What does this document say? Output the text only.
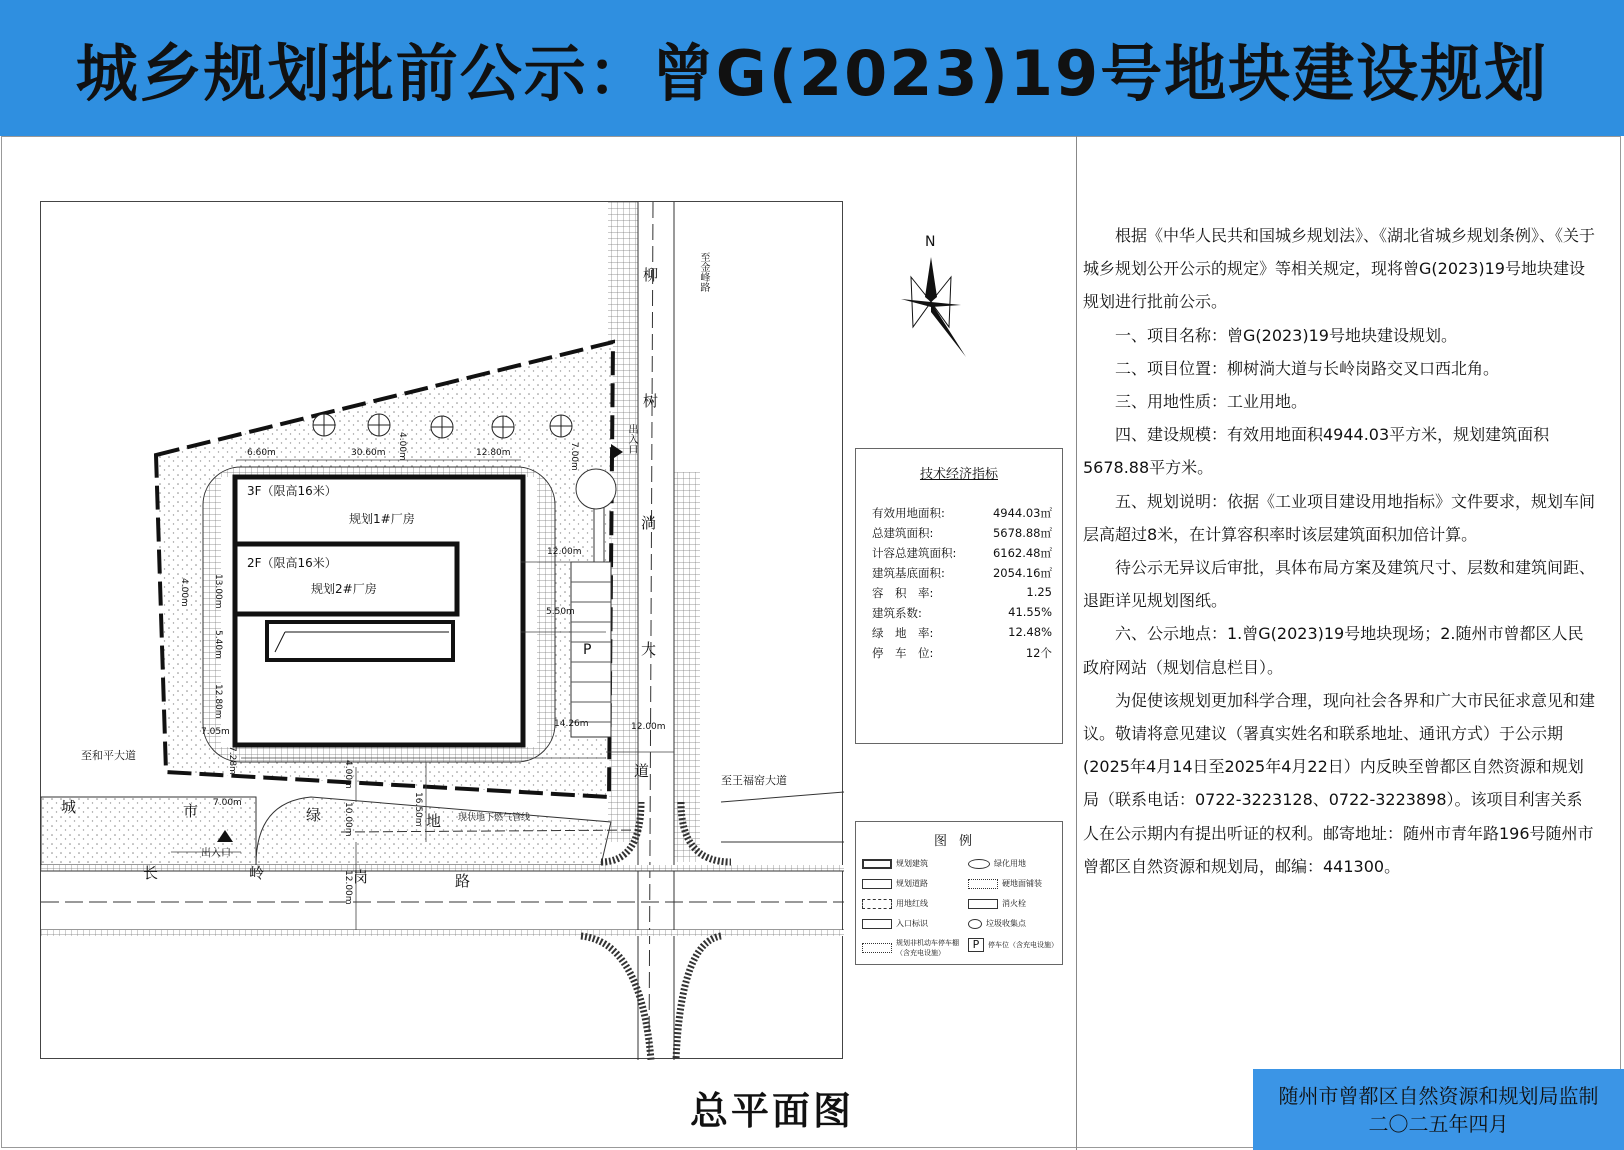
城乡规划批前公示：曾G(2023)19号地块建设规划
N
柳
树
淌
大
道
长	岭	岗	路
城	市	绿	地
至金峰路
至和平大道
至王福窑大道
现状地下燃气管线
出入口
出入口
3F（限高16米）
规划1#厂房
2F（限高16米）
规划2#厂房
P
6.60m	30.60m	12.80m
4.00m	7.00m
12.00m
5.50m
4.00m	13.00m
5.40m
12.80m
7.05m
7.28m
14.26m	12.00m
4.00m
16.50m
10.00m
7.00m
12.00m
技术经济指标
有效用地面积:	4944.03㎡
总建筑面积:	5678.88㎡
计容总建筑面积:	6162.48㎡
建筑基底面积:	2054.16㎡
容　积　率:	1.25
建筑系数:	41.55%
绿　地　率:	12.48%
停　车　位:	12个
图例
规划建筑	绿化用地
规划道路	硬地面铺装
用地红线	消火栓
入口标识	垃圾收集点
规划非机动车停车棚（含充电设施）
P	停车位（含充电设施）
总平面图

根据《中华人民共和国城乡规划法》、《湖北省城乡规划条例》、《关于城乡规划公开公示的规定》等相关规定，现将曾G(2023)19号地块建设规划进行批前公示。

一、项目名称：曾G(2023)19号地块建设规划。

二、项目位置：柳树淌大道与长岭岗路交叉口西北角。

三、用地性质：工业用地。

四、建设规模：有效用地面积4944.03平方米，规划建筑面积5678.88平方米。

五、规划说明：依据《工业项目建设用地指标》文件要求，规划车间层高超过8米，在计算容积率时该层建筑面积加倍计算。

待公示无异议后审批，具体布局方案及建筑尺寸、层数和建筑间距、退距详见规划图纸。

六、公示地点：1.曾G(2023)19号地块现场；2.随州市曾都区人民政府网站（规划信息栏目）。

为促使该规划更加科学合理，现向社会各界和广大市民征求意见和建议。敬请将意见建议（署真实姓名和联系地址、通讯方式）于公示期(2025年4月14日至2025年4月22日）内反映至曾都区自然资源和规划局（联系电话：0722-3223128、0722-3223898）。该项目利害关系人在公示期内有提出听证的权利。邮寄地址：随州市青年路196号随州市曾都区自然资源和规划局，邮编：441300。

随州市曾都区自然资源和规划局监制
二〇二五年四月
